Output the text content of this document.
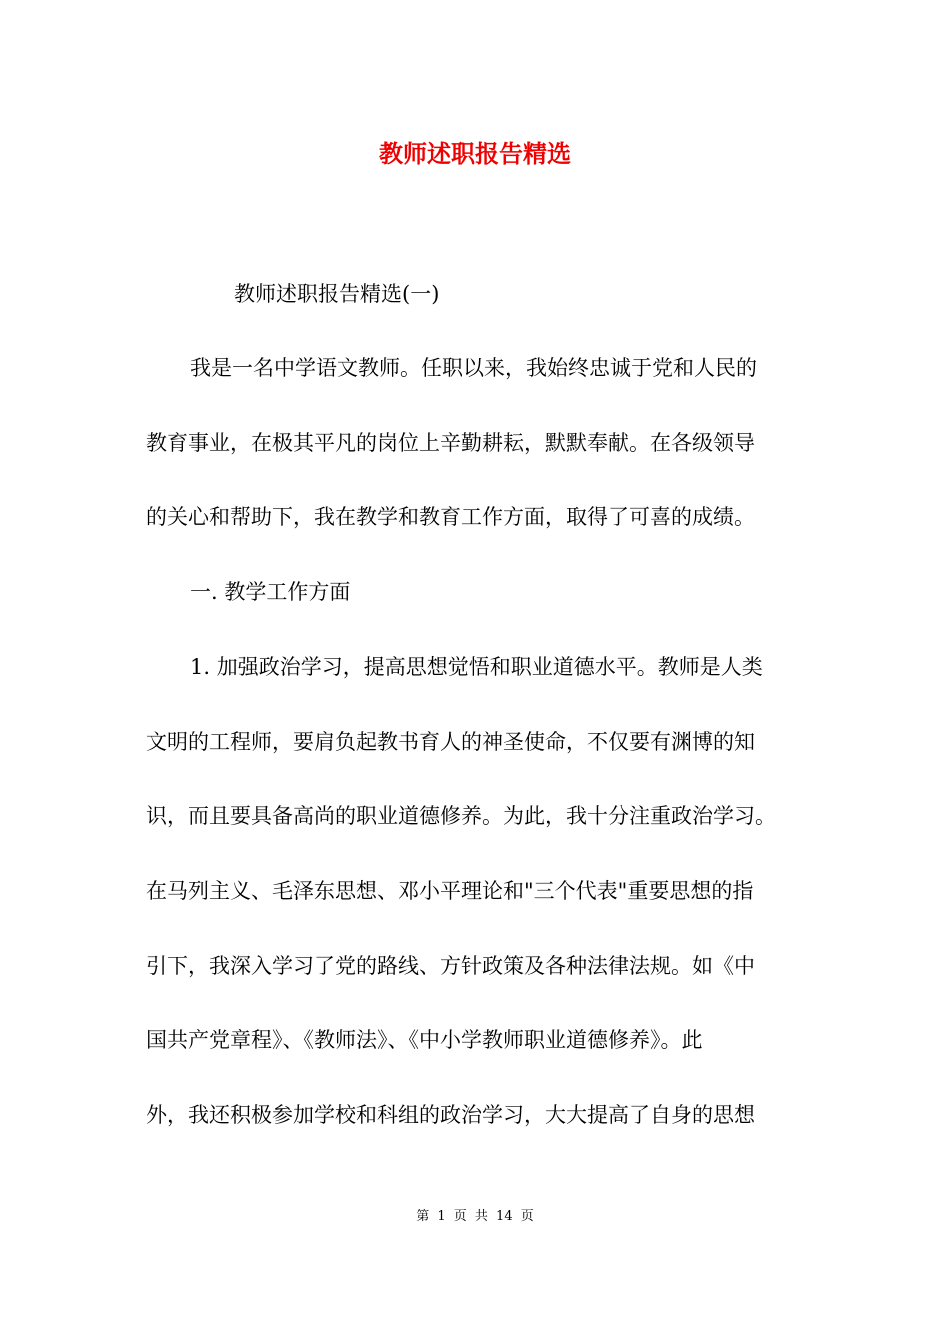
教师述职报告精选

教师述职报告精选(一)

我是一名中学语文教师。任职以来，我始终忠诚于党和人民的

教育事业，在极其平凡的岗位上辛勤耕耘，默默奉献。在各级领导

的关心和帮助下，我在教学和教育工作方面，取得了可喜的成绩。

一. 教学工作方面

1. 加强政治学习，提高思想觉悟和职业道德水平。教师是人类

文明的工程师，要肩负起教书育人的神圣使命，不仅要有渊博的知

识，而且要具备高尚的职业道德修养。为此，我十分注重政治学习。

在马列主义、毛泽东思想、邓小平理论和"三个代表"重要思想的指

引下，我深入学习了党的路线、方针政策及各种法律法规。如《中

国共产党章程》、《教师法》、《中小学教师职业道德修养》。此

外，我还积极参加学校和科组的政治学习，大大提高了自身的思想

第 1 页 共 14 页
